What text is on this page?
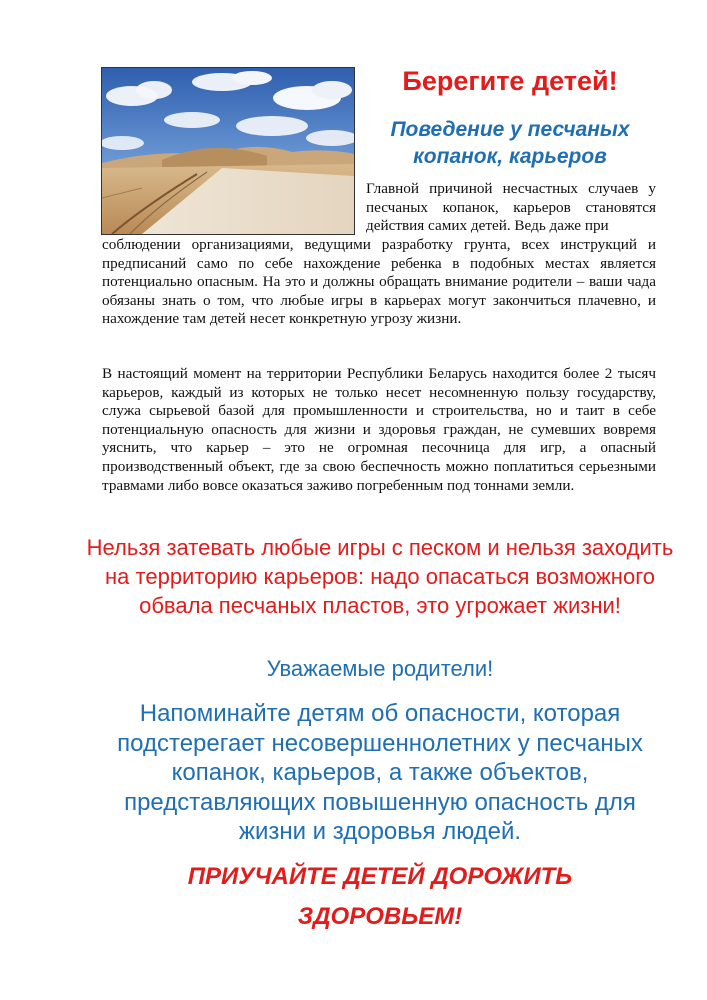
Берегите детей!
Поведение у песчаных копанок, карьеров

Главной причиной несчастных случаев у песчаных копанок, карьеров становятся действия самих детей. Ведь даже при

соблюдении организациями, ведущими разработку грунта, всех инструкций и предписаний само по себе нахождение ребенка в подобных местах является потенциально опасным. На это и должны обращать внимание родители – ваши чада обязаны знать о том, что любые игры в карьерах могут закончиться плачевно, и нахождение там детей несет конкретную угрозу жизни.

В настоящий момент на территории Республики Беларусь находится более 2 тысяч карьеров, каждый из которых не только несет несомненную пользу государству, служа сырьевой базой для промышленности и строительства, но и таит в себе потенциальную опасность для жизни и здоровья граждан, не сумевших вовремя уяснить, что карьер – это не огромная песочница для игр, а опасный производственный объект, где за свою беспечность можно поплатиться серьезными травмами либо вовсе оказаться заживо погребенным под тоннами земли.

Нельзя затевать любые игры с песком и нельзя заходить на территорию карьеров: надо опасаться возможного обвала песчаных пластов, это угрожает жизни!

Уважаемые родители!

Напоминайте детям об опасности, которая подстерегает несовершеннолетних у песчаных копанок, карьеров, а также объектов, представляющих повышенную опасность для жизни и здоровья людей.

ПРИУЧАЙТЕ ДЕТЕЙ ДОРОЖИТЬ
ЗДОРОВЬЕМ!
